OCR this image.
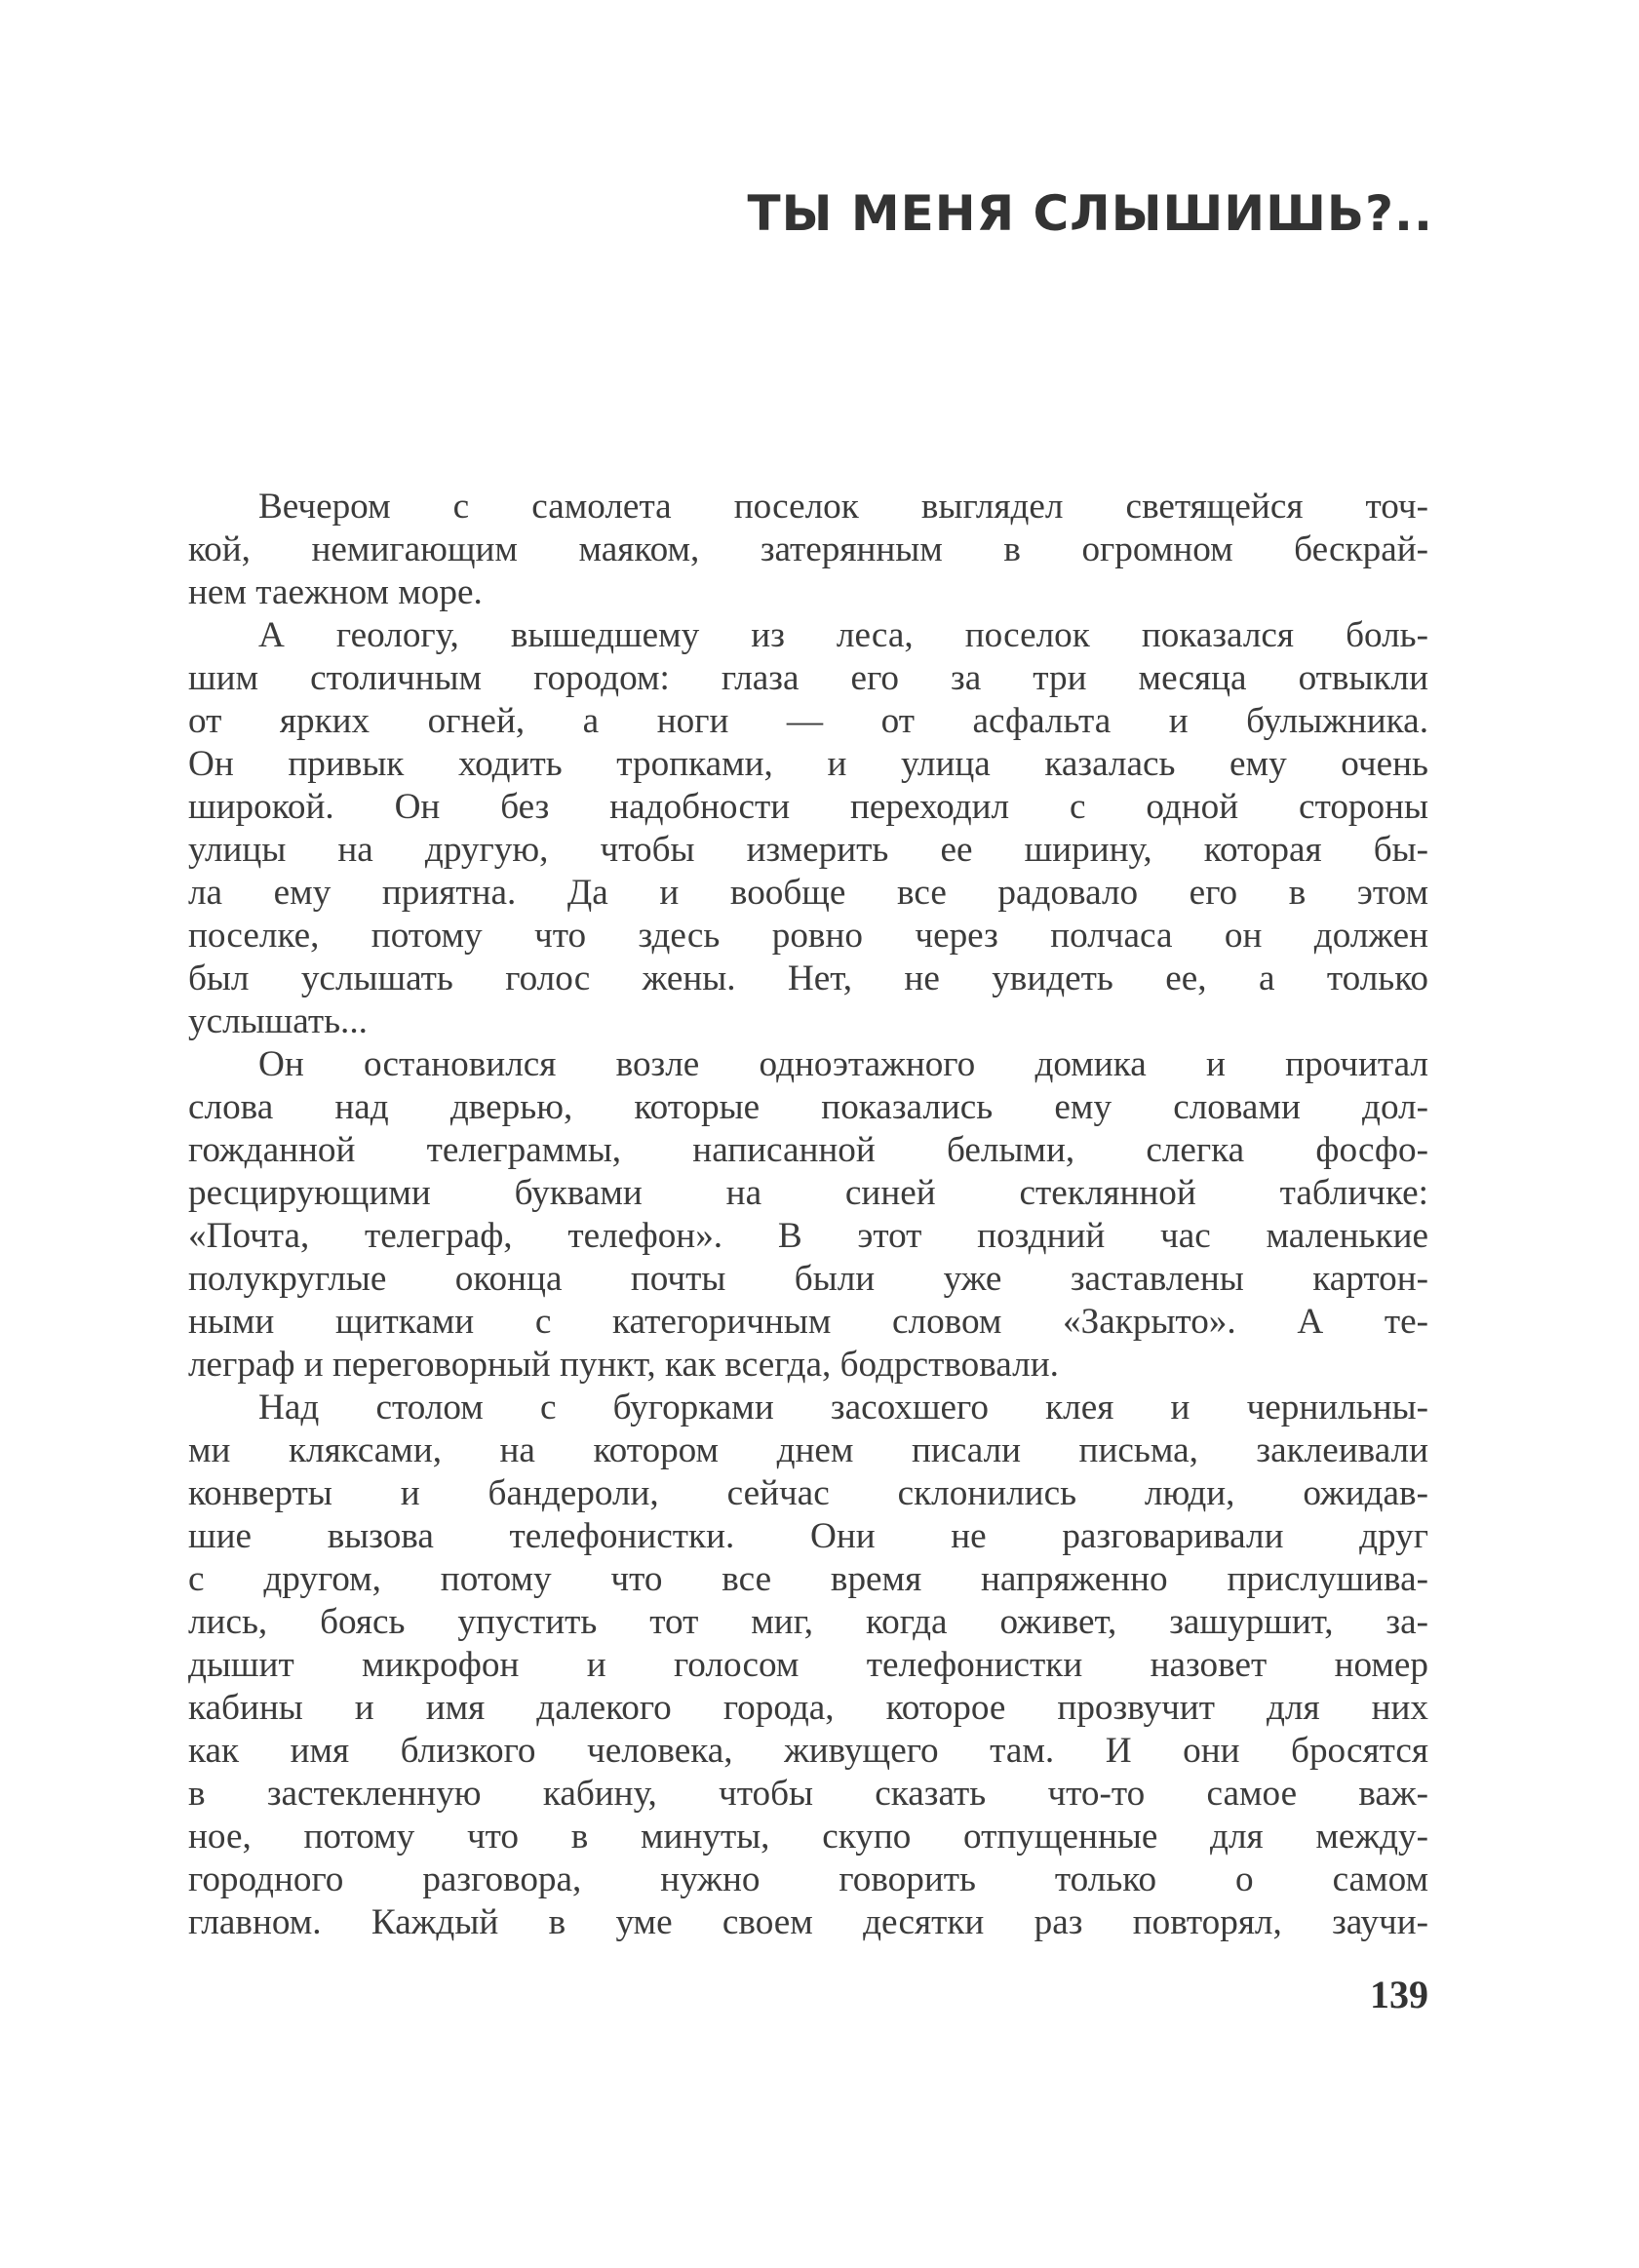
ТЫ МЕНЯ СЛЫШИШЬ?..
Вечером с самолета поселок выглядел светящейся точ-
кой, немигающим маяком, затерянным в огромном бескрай-
нем таежном море.
А геологу, вышедшему из леса, поселок показался боль-
шим столичным городом: глаза его за три месяца отвыкли
от ярких огней, а ноги — от асфальта и булыжника.
Он привык ходить тропками, и улица казалась ему очень
широкой. Он без надобности переходил с одной стороны
улицы на другую, чтобы измерить ее ширину, которая бы-
ла ему приятна. Да и вообще все радовало его в этом
поселке, потому что здесь ровно через полчаса он должен
был услышать голос жены. Нет, не увидеть ее, а только
услышать...
Он остановился возле одноэтажного домика и прочитал
слова над дверью, которые показались ему словами дол-
гожданной телеграммы, написанной белыми, слегка фосфо-
ресцирующими буквами на синей стеклянной табличке:
«Почта, телеграф, телефон». В этот поздний час маленькие
полукруглые оконца почты были уже заставлены картон-
ными щитками с категоричным словом «Закрыто». А те-
леграф и переговорный пункт, как всегда, бодрствовали.
Над столом с бугорками засохшего клея и чернильны-
ми кляксами, на котором днем писали письма, заклеивали
конверты и бандероли, сейчас склонились люди, ожидав-
шие вызова телефонистки. Они не разговаривали друг
с другом, потому что все время напряженно прислушива-
лись, боясь упустить тот миг, когда оживет, зашуршит, за-
дышит микрофон и голосом телефонистки назовет номер
кабины и имя далекого города, которое прозвучит для них
как имя близкого человека, живущего там. И они бросятся
в застекленную кабину, чтобы сказать что-то самое важ-
ное, потому что в минуты, скупо отпущенные для между-
городного разговора, нужно говорить только о самом
главном. Каждый в уме своем десятки раз повторял, заучи-
139
